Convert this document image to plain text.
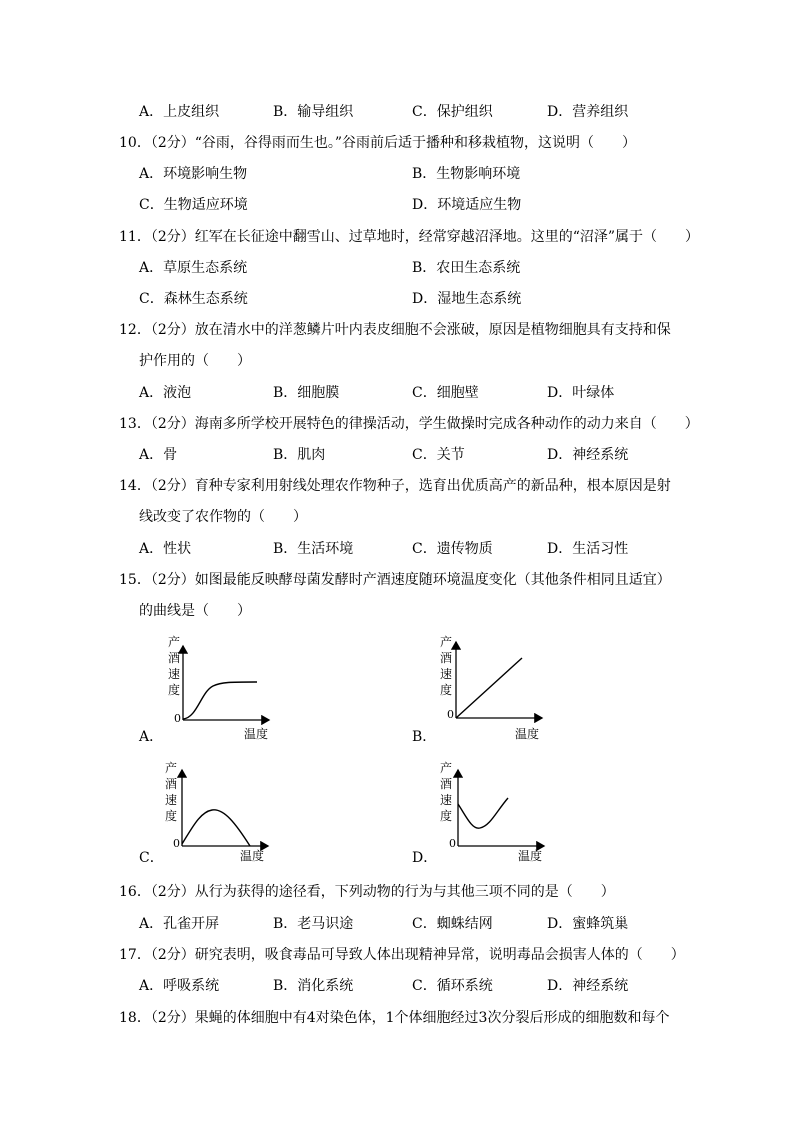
A．上皮组织	B．输导组织	C．保护组织	D．营养组织
10．（2分）“谷雨，谷得雨而生也。”谷雨前后适于播种和移栽植物，这说明（　　）
A．环境影响生物	B．生物影响环境
C．生物适应环境	D．环境适应生物
11．（2分）红军在长征途中翻雪山、过草地时，经常穿越沼泽地。这里的“沼泽”属于（　　）
A．草原生态系统	B．农田生态系统
C．森林生态系统	D．湿地生态系统
12．（2分）放在清水中的洋葱鳞片叶内表皮细胞不会涨破，原因是植物细胞具有支持和保
护作用的（　　）
A．液泡	B．细胞膜	C．细胞壁	D．叶绿体
13．（2分）海南多所学校开展特色的律操活动，学生做操时完成各种动作的动力来自（　　）
A．骨	B．肌肉	C．关节	D．神经系统
14．（2分）育种专家利用射线处理农作物种子，选育出优质高产的新品种，根本原因是射
线改变了农作物的（　　）
A．性状	B．生活环境	C．遗传物质	D．生活习性
15．（2分）如图最能反映酵母菌发酵时产酒速度随环境温度变化（其他条件相同且适宜）
的曲线是（　　）
A．
产
酒
速
度
0
温度	B．
产
酒
速
度
0
温度
C．
产
酒
速
度
0
温度	D．
产
酒
速
度
0
温度
16．（2分）从行为获得的途径看，下列动物的行为与其他三项不同的是（　　）
A．孔雀开屏	B．老马识途	C．蜘蛛结网	D．蜜蜂筑巢
17．（2分）研究表明，吸食毒品可导致人体出现精神异常，说明毒品会损害人体的（　　）
A．呼吸系统	B．消化系统	C．循环系统	D．神经系统
18．（2分）果蝇的体细胞中有4对染色体，1个体细胞经过3次分裂后形成的细胞数和每个
